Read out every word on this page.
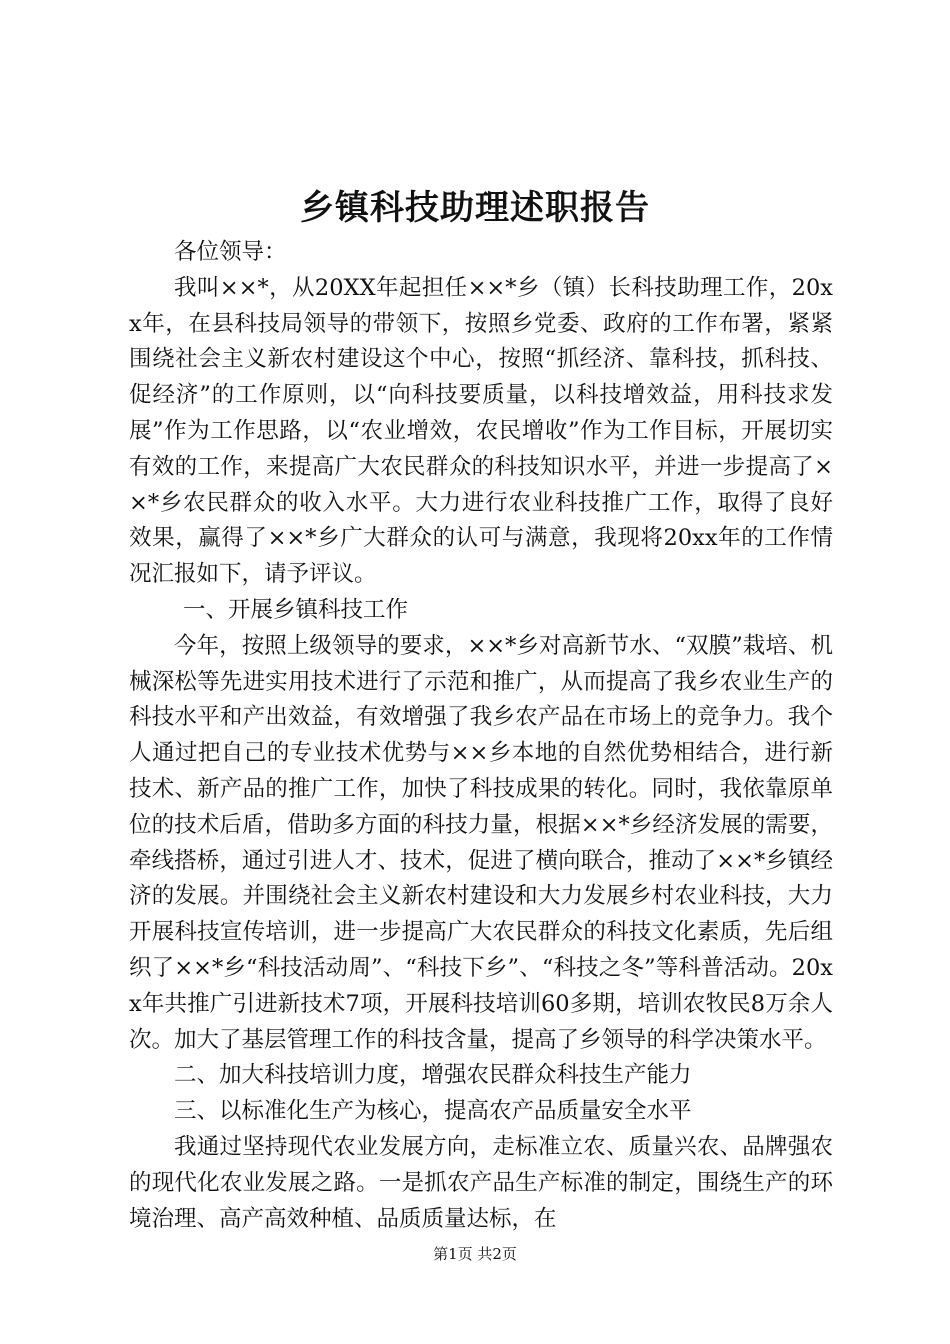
乡镇科技助理述职报告

各位领导：

我叫××*，从20XX年起担任××*乡（镇）长科技助理工作，20xx年，在县科技局领导的带领下，按照乡党委、政府的工作布署，紧紧围绕社会主义新农村建设这个中心，按照“抓经济、靠科技，抓科技、促经济”的工作原则，以“向科技要质量，以科技增效益，用科技求发展”作为工作思路，以“农业增效，农民增收”作为工作目标，开展切实有效的工作，来提高广大农民群众的科技知识水平，并进一步提高了××*乡农民群众的收入水平。大力进行农业科技推广工作，取得了良好效果，赢得了××*乡广大群众的认可与满意，我现将20xx年的工作情况汇报如下，请予评议。

一、开展乡镇科技工作

今年，按照上级领导的要求，××*乡对高新节水、“双膜”栽培、机械深松等先进实用技术进行了示范和推广，从而提高了我乡农业生产的科技水平和产出效益，有效增强了我乡农产品在市场上的竞争力。我个人通过把自己的专业技术优势与××乡本地的自然优势相结合，进行新技术、新产品的推广工作，加快了科技成果的转化。同时，我依靠原单位的技术后盾，借助多方面的科技力量，根据××*乡经济发展的需要，牵线搭桥，通过引进人才、技术，促进了横向联合，推动了××*乡镇经济的发展。并围绕社会主义新农村建设和大力发展乡村农业科技，大力开展科技宣传培训，进一步提高广大农民群众的科技文化素质，先后组织了××*乡“科技活动周”、“科技下乡”、“科技之冬”等科普活动。20xx年共推广引进新技术7项，开展科技培训60多期，培训农牧民8万余人次。加大了基层管理工作的科技含量，提高了乡领导的科学决策水平。

二、加大科技培训力度，增强农民群众科技生产能力

三、以标准化生产为核心，提高农产品质量安全水平

我通过坚持现代农业发展方向，走标准立农、质量兴农、品牌强农的现代化农业发展之路。一是抓农产品生产标准的制定，围绕生产的环境治理、高产高效种植、品质质量达标，在

第1页 共2页
